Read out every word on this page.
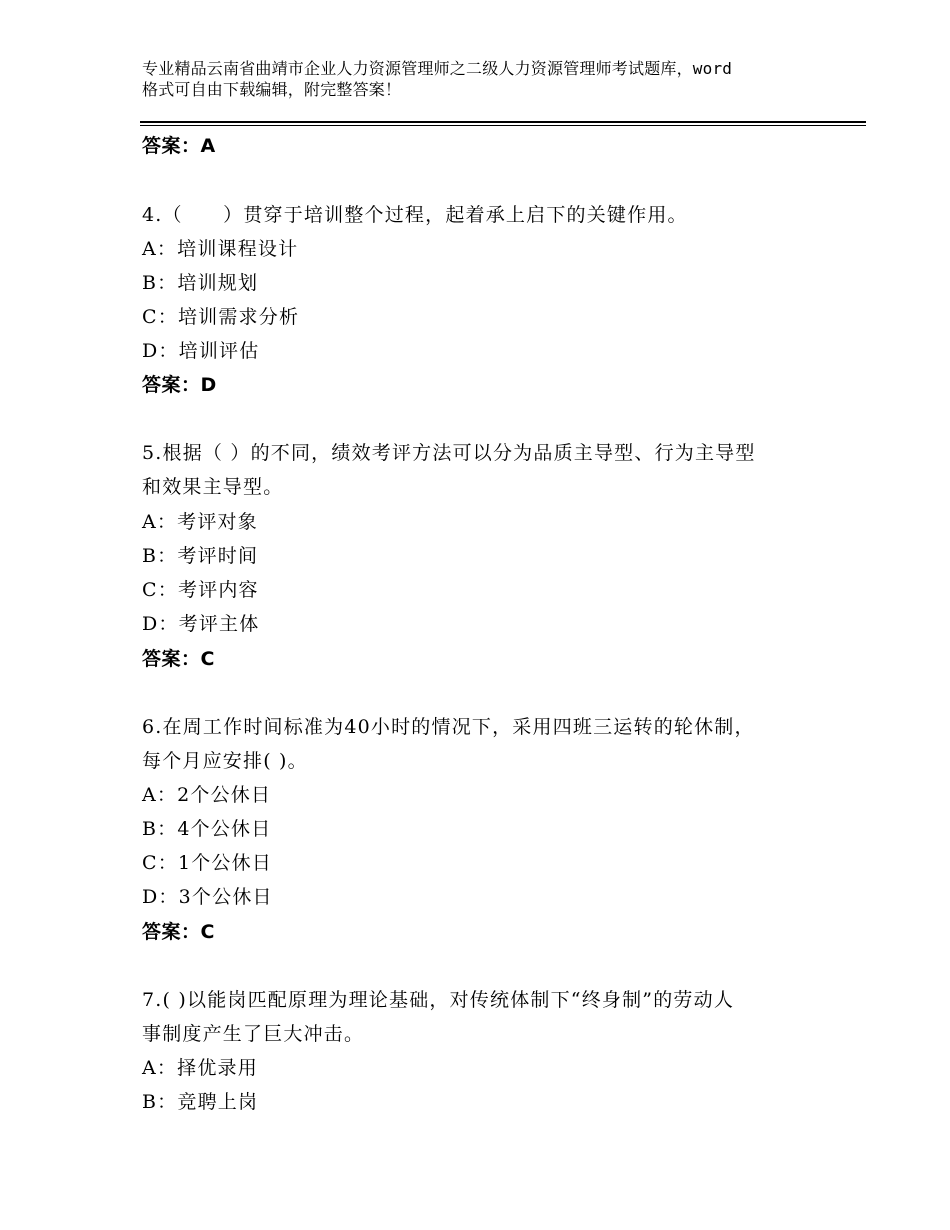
专业精品云南省曲靖市企业人力资源管理师之二级人力资源管理师考试题库，word
格式可自由下载编辑，附完整答案！
答案：A
4.（　　）贯穿于培训整个过程，起着承上启下的关键作用。
A：培训课程设计
B：培训规划
C：培训需求分析
D：培训评估
答案：D
5.根据（ ）的不同，绩效考评方法可以分为品质主导型、行为主导型
和效果主导型。
A：考评对象
B：考评时间
C：考评内容
D：考评主体
答案：C
6.在周工作时间标准为40小时的情况下，采用四班三运转的轮休制，
每个月应安排( )。
A：2个公休日
B：4个公休日
C：1个公休日
D：3个公休日
答案：C
7.( )以能岗匹配原理为理论基础，对传统体制下“终身制”的劳动人
事制度产生了巨大冲击。
A：择优录用
B：竞聘上岗
